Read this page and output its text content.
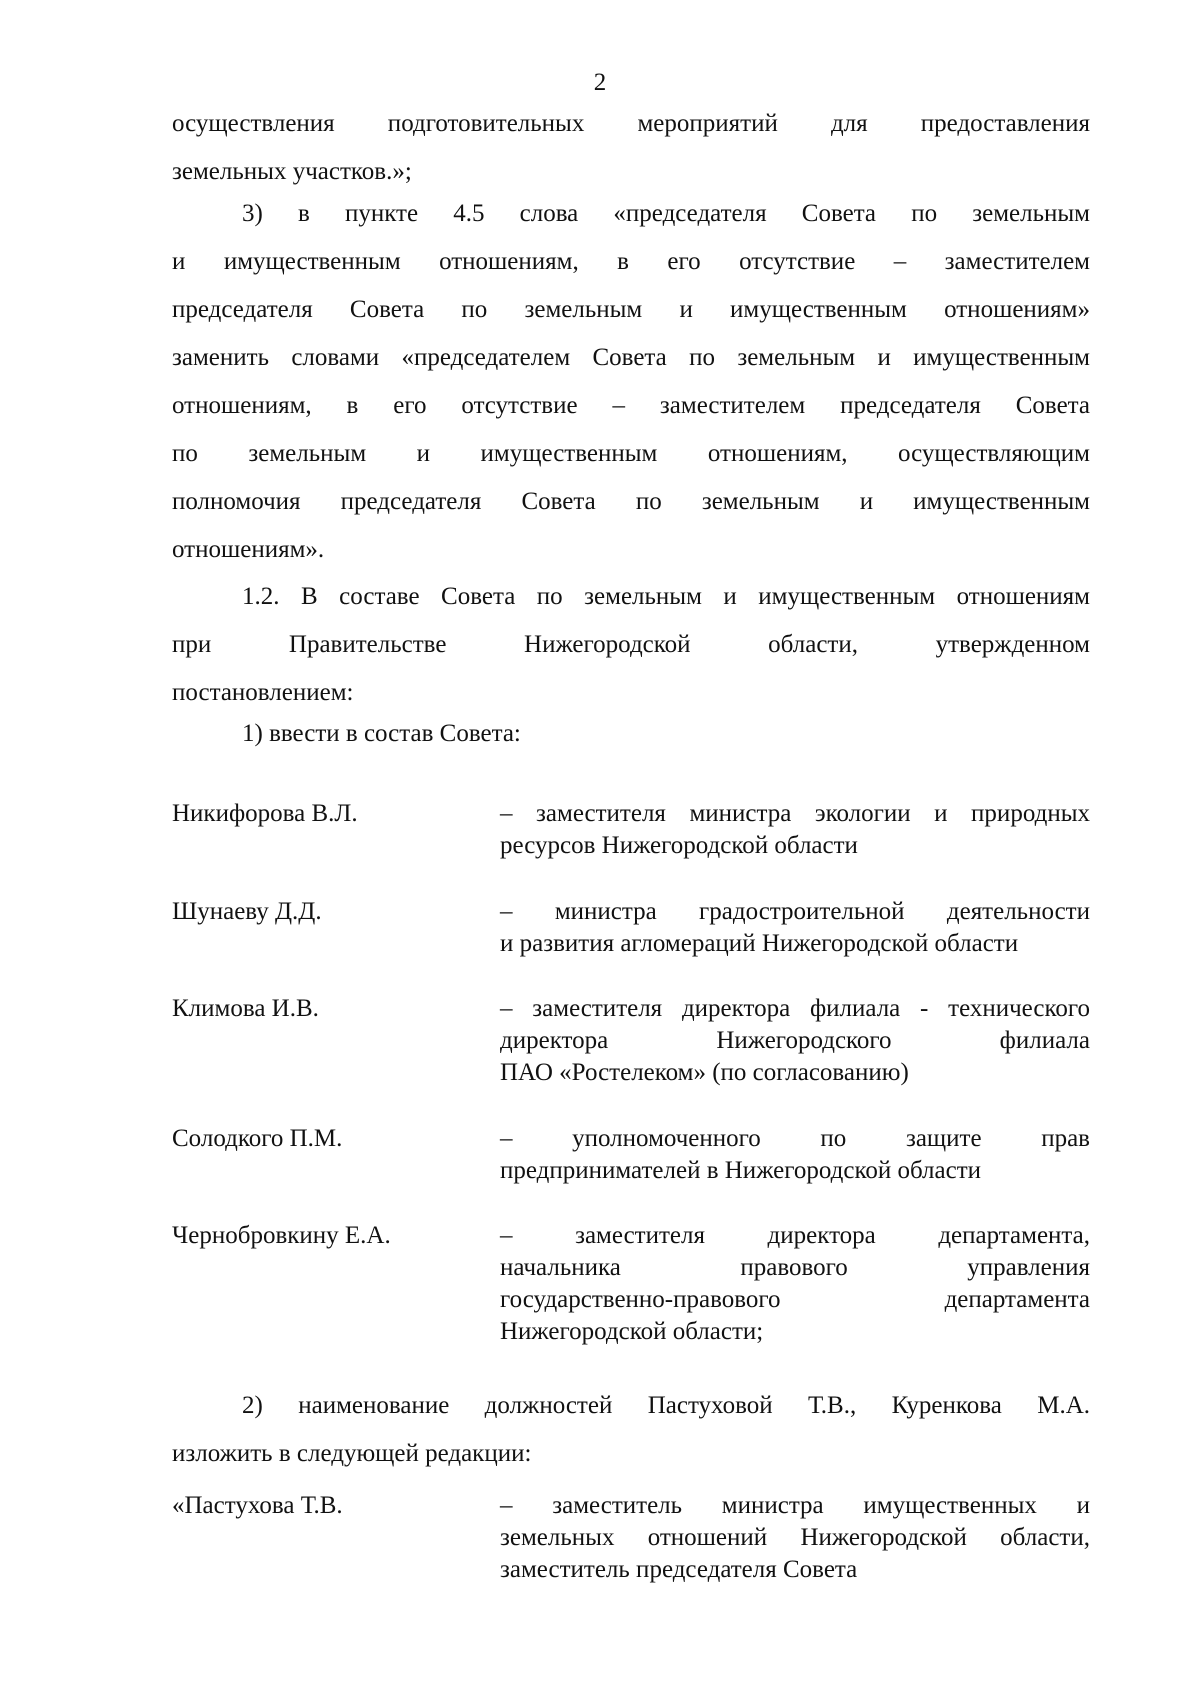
2
осуществления подготовительных мероприятий для предоставления
земельных участков.»;
3) в пункте 4.5 слова «председателя Совета по земельным
и имущественным отношениям, в его отсутствие – заместителем
председателя Совета по земельным и имущественным отношениям»
заменить словами «председателем Совета по земельным и имущественным
отношениям, в его отсутствие – заместителем председателя Совета
по земельным и имущественным отношениям, осуществляющим
полномочия председателя Совета по земельным и имущественным
отношениям».
1.2. В составе Совета по земельным и имущественным отношениям
при Правительстве Нижегородской области, утвержденном
постановлением:
1) ввести в состав Совета:
Никифорова В.Л.	– заместителя министра экологии и природных
ресурсов Нижегородской области
Шунаеву Д.Д.	– министра градостроительной деятельности
и развития агломераций Нижегородской области
Климова И.В.	– заместителя директора филиала - технического
директора Нижегородского филиала
ПАО «Ростелеком» (по согласованию)
Солодкого П.М.	– уполномоченного по защите прав
предпринимателей в Нижегородской области
Чернобровкину Е.А.	– заместителя директора департамента,
начальника правового управления
государственно-правового департамента
Нижегородской области;
2) наименование должностей Пастуховой Т.В., Куренкова М.А.
изложить в следующей редакции:
«Пастухова Т.В.	– заместитель министра имущественных и
земельных отношений Нижегородской области,
заместитель председателя Совета
